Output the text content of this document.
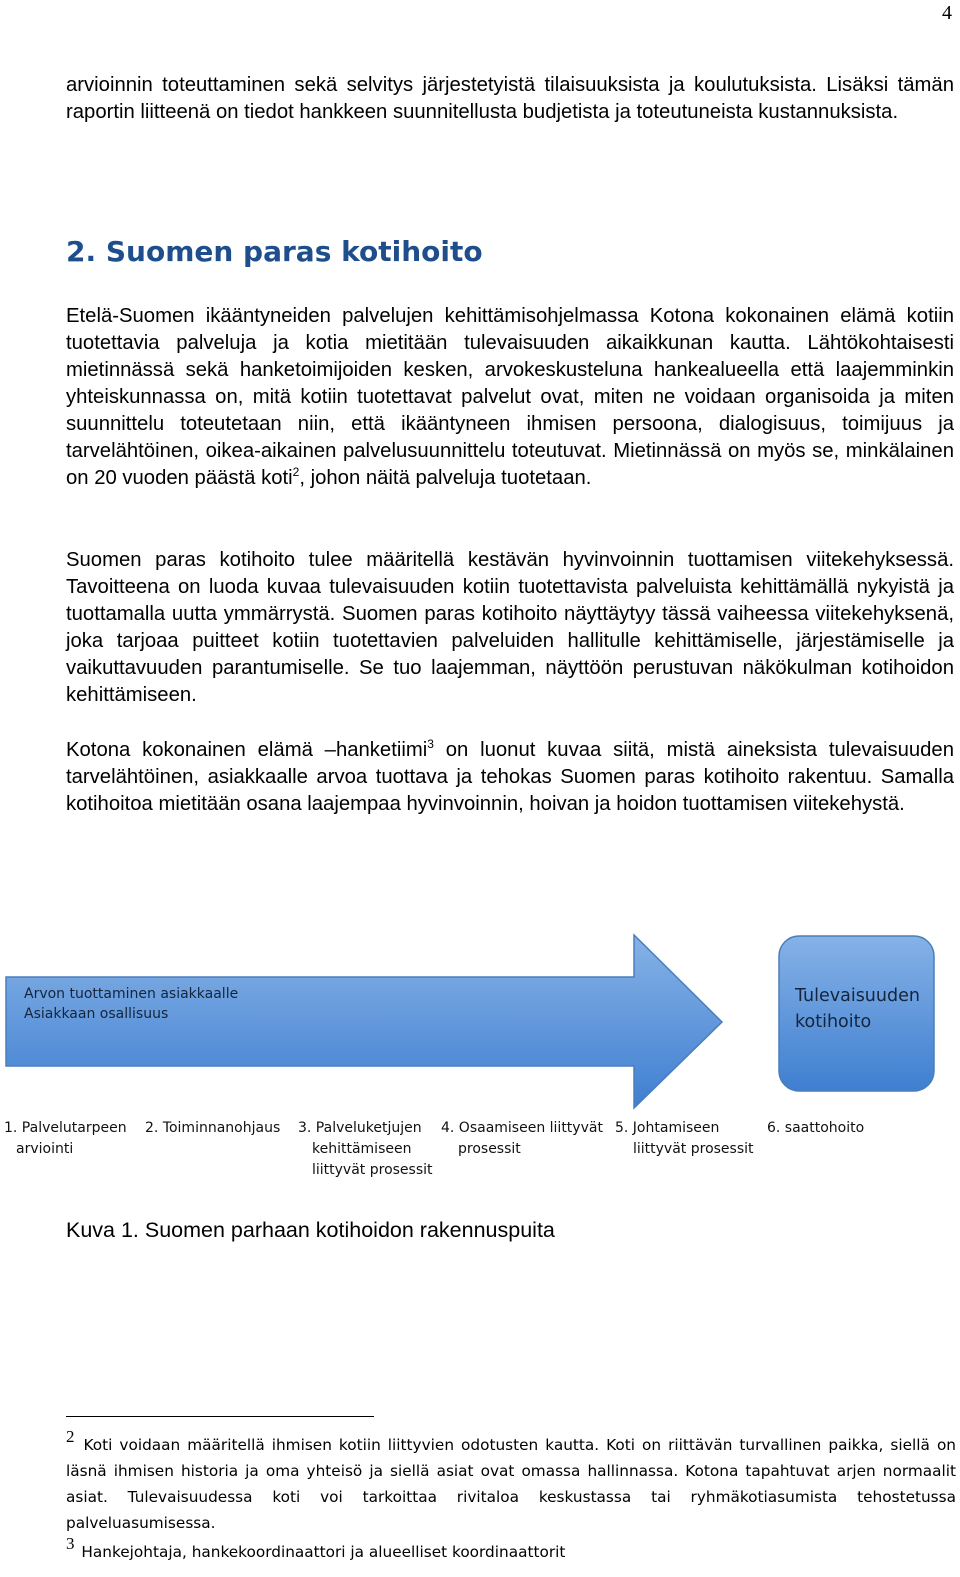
4

arvioinnin toteuttaminen sekä selvitys järjestetyistä tilaisuuksista ja koulutuksista. Lisäksi tämän raportin liitteenä on tiedot hankkeen suunnitellusta budjetista ja toteutuneista kustannuksista.

2. Suomen paras kotihoito

Etelä-Suomen ikääntyneiden palvelujen kehittämisohjelmassa Kotona kokonainen elämä kotiin tuotettavia palveluja ja kotia mietitään tulevaisuuden aikaikkunan kautta. Lähtökohtaisesti mietinnässä sekä hanketoimijoiden kesken, arvokeskusteluna hankealueella että laajemminkin yhteiskunnassa on, mitä kotiin tuotettavat palvelut ovat, miten ne voidaan organisoida ja miten suunnittelu toteutetaan niin, että ikääntyneen ihmisen persoona, dialogisuus, toimijuus ja tarvelähtöinen, oikea-aikainen palvelusuunnittelu toteutuvat. Mietinnässä on myös se, minkälainen on 20 vuoden päästä koti$^2$, johon näitä palveluja tuotetaan.

Suomen paras kotihoito tulee määritellä kestävän hyvinvoinnin tuottamisen viitekehyksessä. Tavoitteena on luoda kuvaa tulevaisuuden kotiin tuotettavista palveluista kehittämällä nykyistä ja tuottamalla uutta ymmärrystä. Suomen paras kotihoito näyttäytyy tässä vaiheessa viitekehyksenä, joka tarjoaa puitteet kotiin tuotettavien palveluiden hallitulle kehittämiselle, järjestämiselle ja vaikuttavuuden parantumiselle. Se tuo laajemman, näyttöön perustuvan näkökulman kotihoidon kehittämiseen.

Kotona kokonainen elämä –hanketiimi$^3$ on luonut kuvaa siitä, mistä aineksista tulevaisuuden tarvelähtöinen, asiakkaalle arvoa tuottava ja tehokas Suomen paras kotihoito rakentuu. Samalla kotihoitoa mietitään osana laajempaa hyvinvoinnin, hoivan ja hoidon tuottamisen viitekehystä.

Arvon tuottaminen asiakkaalle
Asiakkaan osallisuus
Tulevaisuuden
kotihoito
1. Palvelutarpeen
arviointi
2. Toiminnanohjaus 3. Palveluketjujen
kehittämiseen
liittyvät prosessit
4. Osaamiseen liittyvät
prosessit
5. Johtamiseen
liittyvät prosessit
6. saattohoito

Kuva 1. Suomen parhaan kotihoidon rakennuspuita

2 Koti voidaan määritellä ihmisen kotiin liittyvien odotusten kautta. Koti on riittävän turvallinen paikka, siellä on läsnä ihmisen historia ja oma yhteisö ja siellä asiat ovat omassa hallinnassa. Kotona tapahtuvat arjen normaalit asiat. Tulevaisuudessa koti voi tarkoittaa rivitaloa keskustassa tai ryhmäkotiasumista tehostetussa palveluasumisessa.

3 Hankejohtaja, hankekoordinaattori ja alueelliset koordinaattorit
